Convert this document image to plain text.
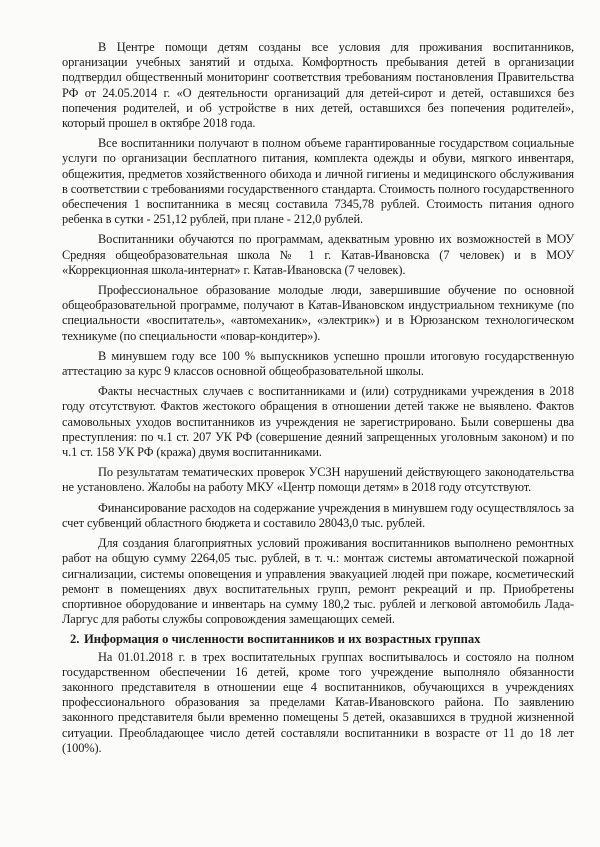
В Центре помощи детям созданы все условия для проживания воспитанников, организации учебных занятий и отдыха. Комфортность пребывания детей в организации подтвердил общественный мониторинг соответствия требованиям постановления Правительства РФ от 24.05.2014 г. «О деятельности организаций для детей-сирот и детей, оставшихся без попечения родителей, и об устройстве в них детей, оставшихся без попечения родителей», который прошел в октябре 2018 года.

Все воспитанники получают в полном объеме гарантированные государством социальные услуги по организации бесплатного питания, комплекта одежды и обуви, мягкого инвентаря, общежития, предметов хозяйственного обихода и личной гигиены и медицинского обслуживания в соответствии с требованиями государственного стандарта. Стоимость полного государственного обеспечения 1 воспитанника в месяц составила 7345,78 рублей. Стоимость питания одного ребенка в сутки - 251,12 рублей, при плане - 212,0 рублей.

Воспитанники обучаются по программам, адекватным уровню их возможностей в МОУ Средняя общеобразовательная школа № 1 г. Катав-Ивановска (7 человек) и в МОУ «Коррекционная школа-интернат» г. Катав-Ивановска (7 человек).

Профессиональное образование молодые люди, завершившие обучение по основной общеобразовательной программе, получают в Катав-Ивановском индустриальном техникуме (по специальности «воспитатель», «автомеханик», «электрик») и в Юрюзанском технологическом техникуме (по специальности «повар-кондитер»).

В минувшем году все 100 % выпускников успешно прошли итоговую государственную аттестацию за курс 9 классов основной общеобразовательной школы.

Факты несчастных случаев с воспитанниками и (или) сотрудниками учреждения в 2018 году отсутствуют. Фактов жестокого обращения в отношении детей также не выявлено. Фактов самовольных уходов воспитанников из учреждения не зарегистрировано. Были совершены два преступления: по ч.1 ст. 207 УК РФ (совершение деяний запрещенных уголовным законом) и по ч.1 ст. 158 УК РФ (кража) двумя воспитанниками.

По результатам тематических проверок УСЗН нарушений действующего законодательства не установлено. Жалобы на работу МКУ «Центр помощи детям» в 2018 году отсутствуют.

Финансирование расходов на содержание учреждения в минувшем году осуществлялось за счет субвенций областного бюджета и составило 28043,0 тыс. рублей.

Для создания благоприятных условий проживания воспитанников выполнено ремонтных работ на общую сумму 2264,05 тыс. рублей, в т. ч.: монтаж системы автоматической пожарной сигнализации, системы оповещения и управления эвакуацией людей при пожаре, косметический ремонт в помещениях двух воспитательных групп, ремонт рекреаций и пр. Приобретены спортивное оборудование и инвентарь на сумму 180,2 тыс. рублей и легковой автомобиль Лада-Ларгус для работы службы сопровождения замещающих семей.

2. Информация о численности воспитанников и их возрастных группах

На 01.01.2018 г. в трех воспитательных группах воспитывалось и состояло на полном государственном обеспечении 16 детей, кроме того учреждение выполняло обязанности законного представителя в отношении еще 4 воспитанников, обучающихся в учреждениях профессионального образования за пределами Катав-Ивановского района. По заявлению законного представителя были временно помещены 5 детей, оказавшихся в трудной жизненной ситуации. Преобладающее число детей составляли воспитанники в возрасте от 11 до 18 лет (100%).
